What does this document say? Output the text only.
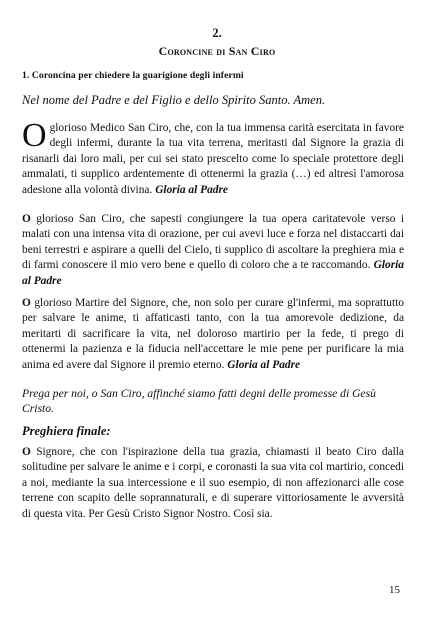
2.
Coroncine di San Ciro
1. Coroncina per chiedere la guarigione degli infermi
Nel nome del Padre e del Figlio e dello Spirito Santo. Amen.
Oglorioso Medico San Ciro, che, con la tua immensa carità esercitata in favore degli infermi, durante la tua vita terrena, meritasti dal Signore la grazia di risanarli dai loro mali, per cui sei stato prescelto come lo speciale protettore degli ammalati, ti supplico ardentemente di ottenermi la grazia (…) ed altresì l'amorosa adesione alla volontà divina. Gloria al Padre
O glorioso San Ciro, che sapesti congiungere la tua opera caritatevole verso i malati con una intensa vita di orazione, per cui avevi luce e forza nel distaccarti dai beni terrestri e aspirare a quelli del Cielo, ti supplico di ascoltare la preghiera mia e di farmi conoscere il mio vero bene e quello di coloro che a te raccomando. Gloria al Padre
O glorioso Martire del Signore, che, non solo per curare gl'infermi, ma soprattutto per salvare le anime, ti affaticasti tanto, con la tua amorevole dedizione, da meritarti di sacrificare la vita, nel doloroso martirio per la fede, ti prego di ottenermi la pazienza e la fiducia nell'accettare le mie pene per purificare la mia anima ed avere dal Signore il premio eterno. Gloria al Padre
Prega per noi, o San Ciro, affinché siamo fatti degni delle promesse di Gesù Cristo.
Preghiera finale:
O Signore, che con l'ispirazione della tua grazia, chiamasti il beato Ciro dalla solitudine per salvare le anime e i corpi, e coronasti la sua vita col martirio, concedi a noi, mediante la sua intercessione e il suo esempio, di non affezionarci alle cose terrene con scapito delle soprannaturali, e di superare vittoriosamente le avversità di questa vita. Per Gesù Cristo Signor Nostro. Così sia.
15
